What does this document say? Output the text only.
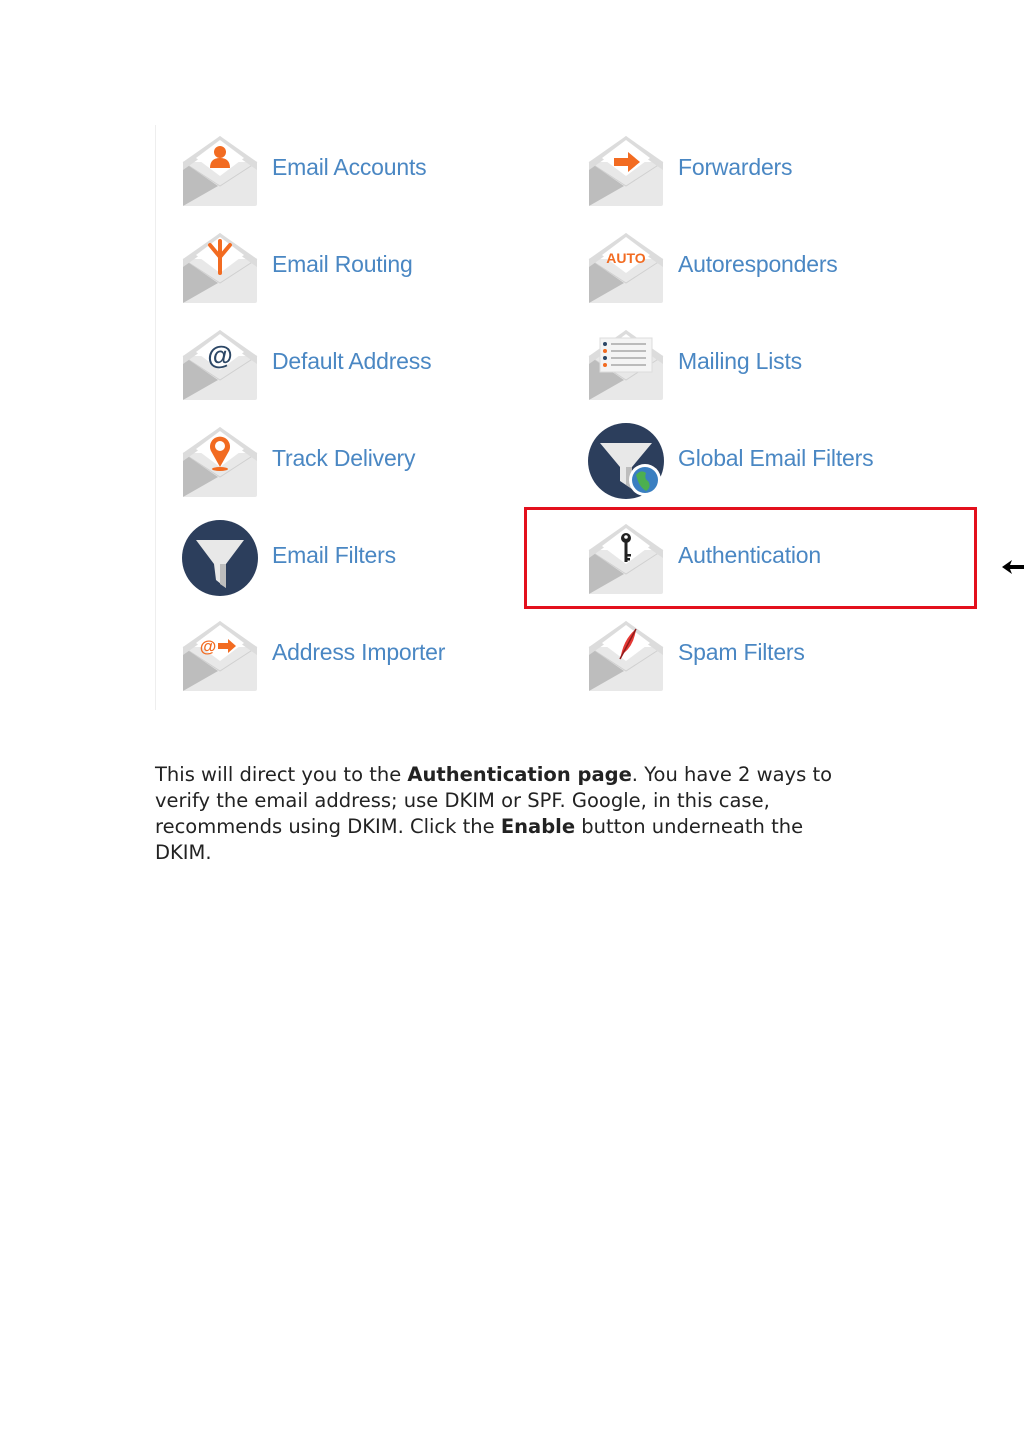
Email Accounts	Forwarders
Email Routing	AUTO Autoresponders
@ Default Address	Mailing Lists
Track Delivery	Global Email Filters
Email Filters	Authentication
@ Address Importer	Spam Filters

This will direct you to the Authentication page. You have 2 ways to verify the email address; use DKIM or SPF. Google, in this case, recommends using DKIM. Click the Enable button underneath the DKIM.
